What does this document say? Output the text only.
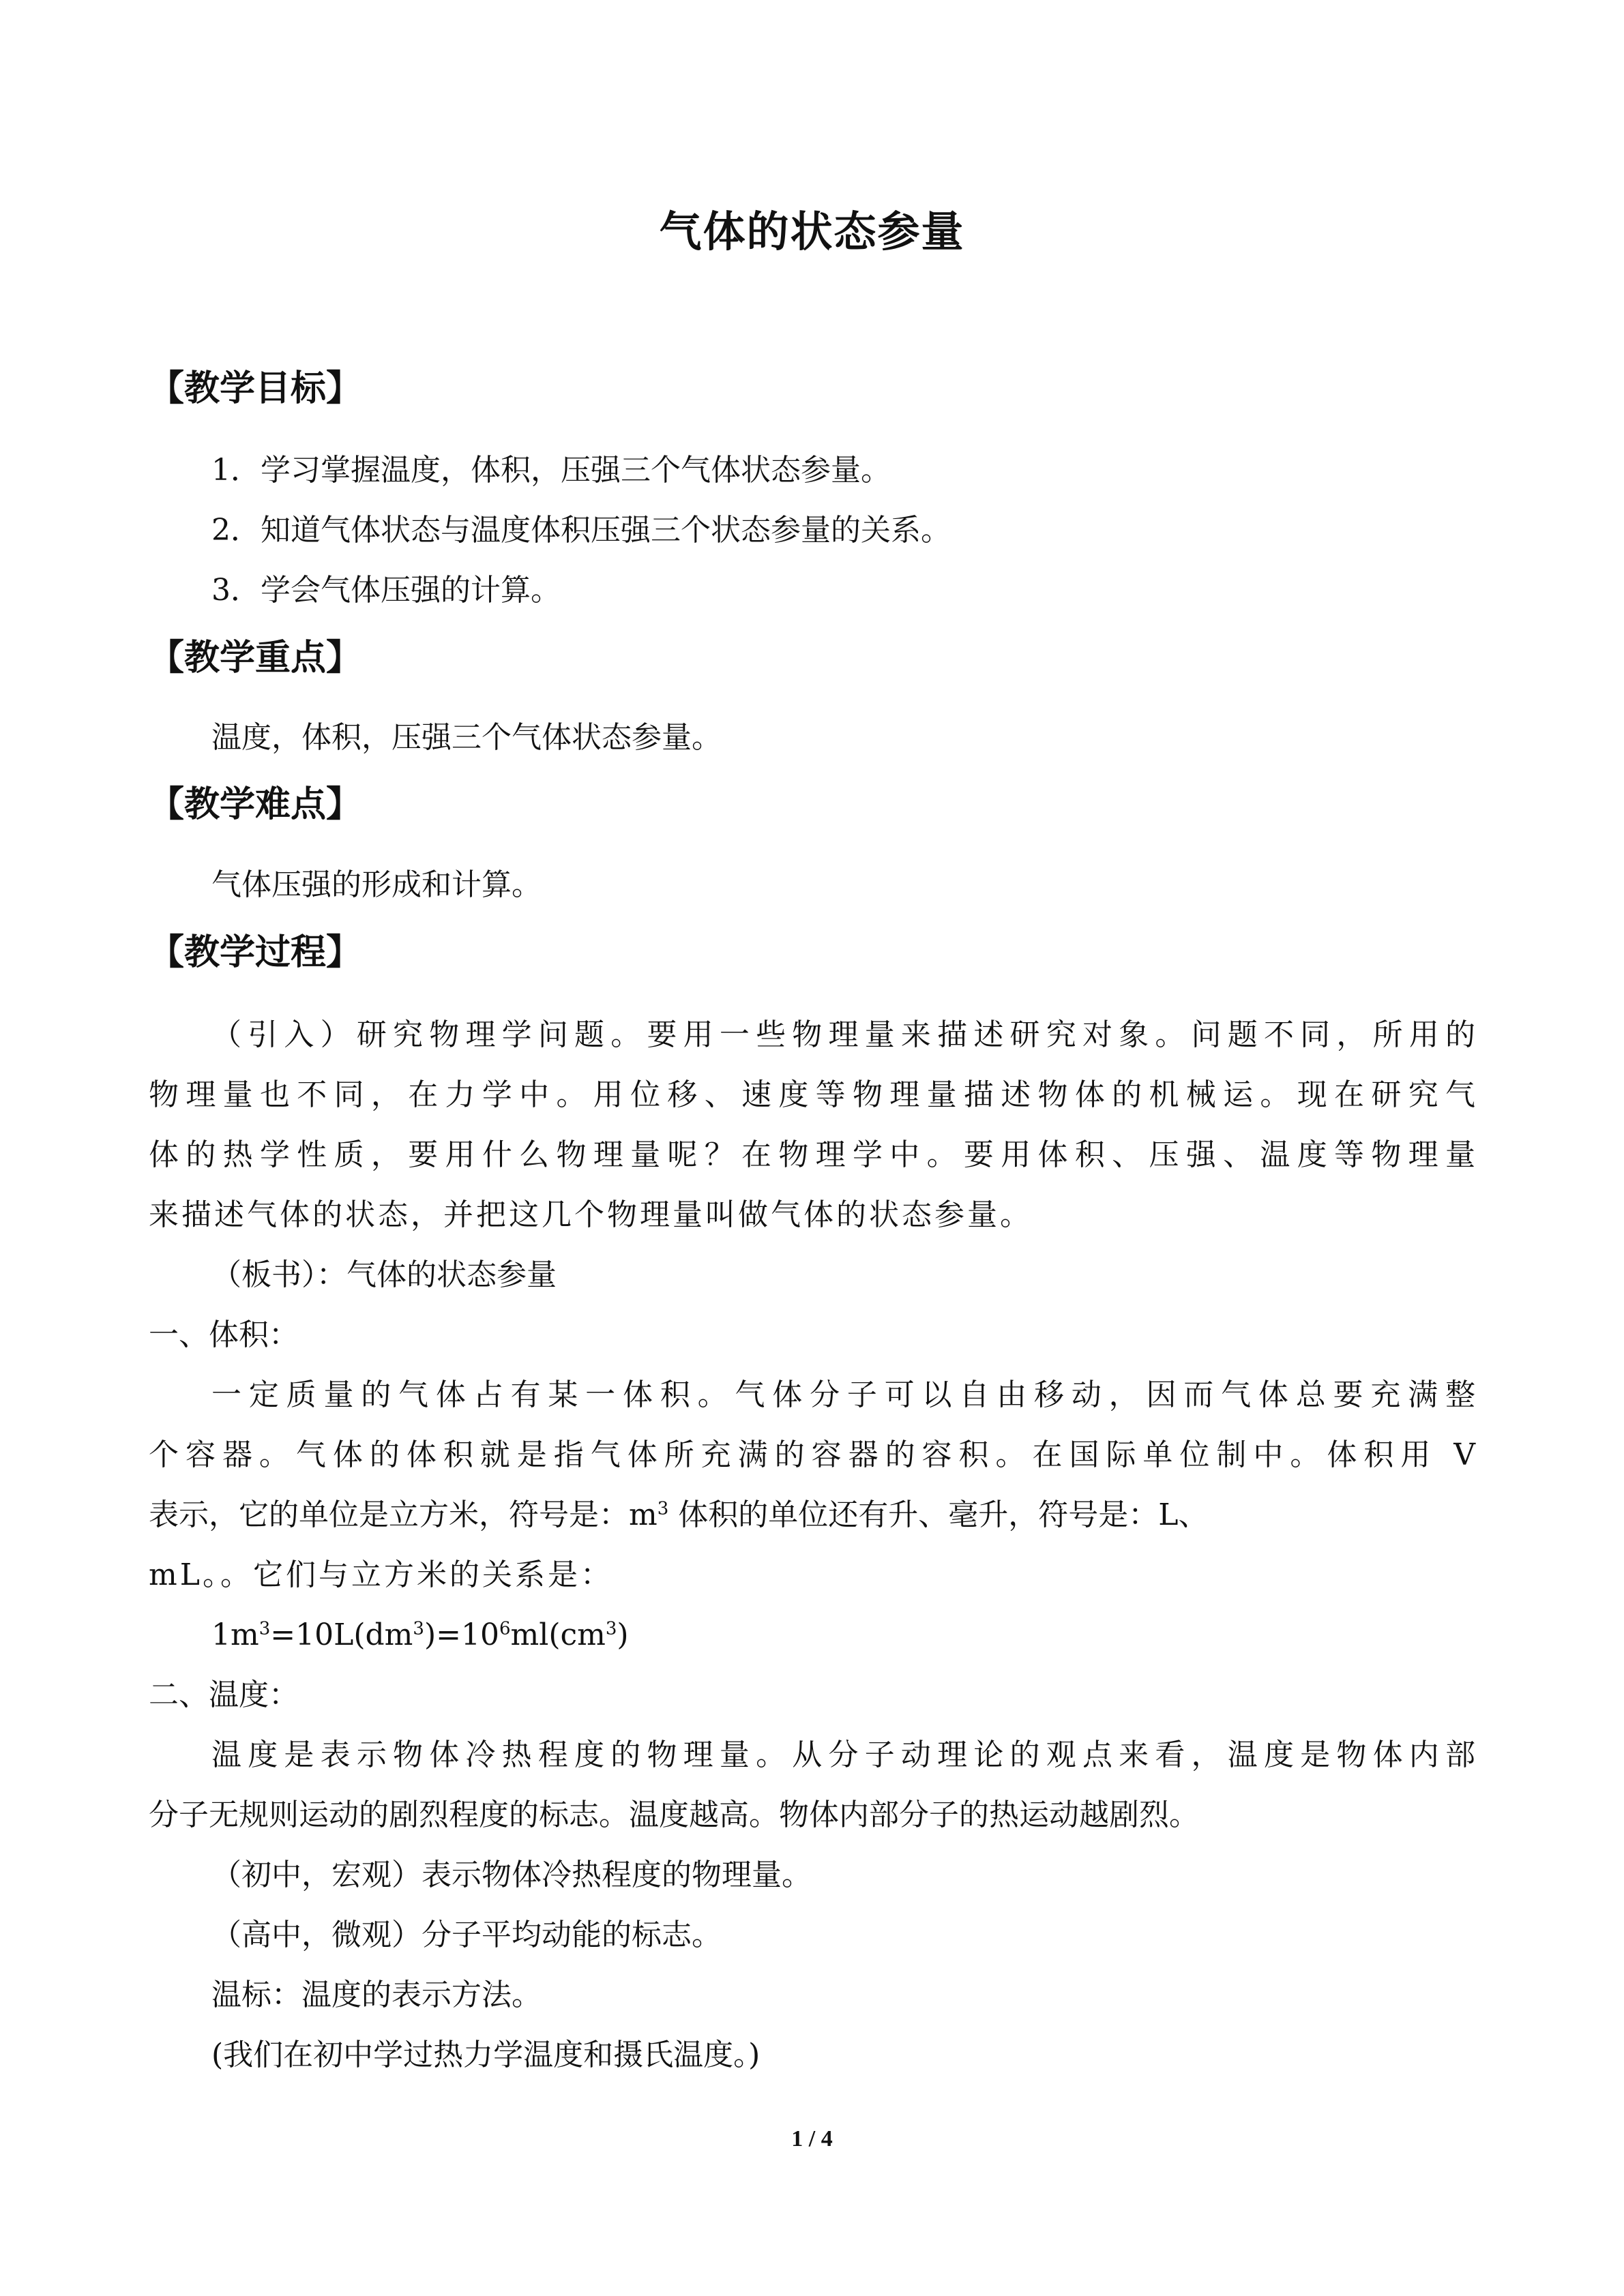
气体的状态参量
【教学目标】
1．学习掌握温度，体积，压强三个气体状态参量。
2．知道气体状态与温度体积压强三个状态参量的关系。
3．学会气体压强的计算。
【教学重点】
温度，体积，压强三个气体状态参量。
【教学难点】
气体压强的形成和计算。
【教学过程】
（引入）研究物理学问题。要用一些物理量来描述研究对象。问题不同，所用的
物理量也不同，在力学中。用位移、速度等物理量描述物体的机械运。现在研究气
体的热学性质，要用什么物理量呢？在物理学中。要用体积、压强、温度等物理量
来描述气体的状态，并把这几个物理量叫做气体的状态参量。
（板书）：气体的状态参量
一、体积：
一定质量的气体占有某一体积。气体分子可以自由移动，因而气体总要充满整
个容器。气体的体积就是指气体所充满的容器的容积。在国际单位制中。体积用 V
表示，它的单位是立方米，符号是：$m^3$ 体积的单位还有升、毫升，符号是：L、
mL。。它们与立方米的关系是：
$1m^3=10L(dm^3)=10^6ml(cm^3)$
二、温度：
温度是表示物体冷热程度的物理量。从分子动理论的观点来看，温度是物体内部
分子无规则运动的剧烈程度的标志。温度越高。物体内部分子的热运动越剧烈。
（初中，宏观）表示物体冷热程度的物理量。
（高中，微观）分子平均动能的标志。
温标：温度的表示方法。
(我们在初中学过热力学温度和摄氏温度。)
1 / 4
